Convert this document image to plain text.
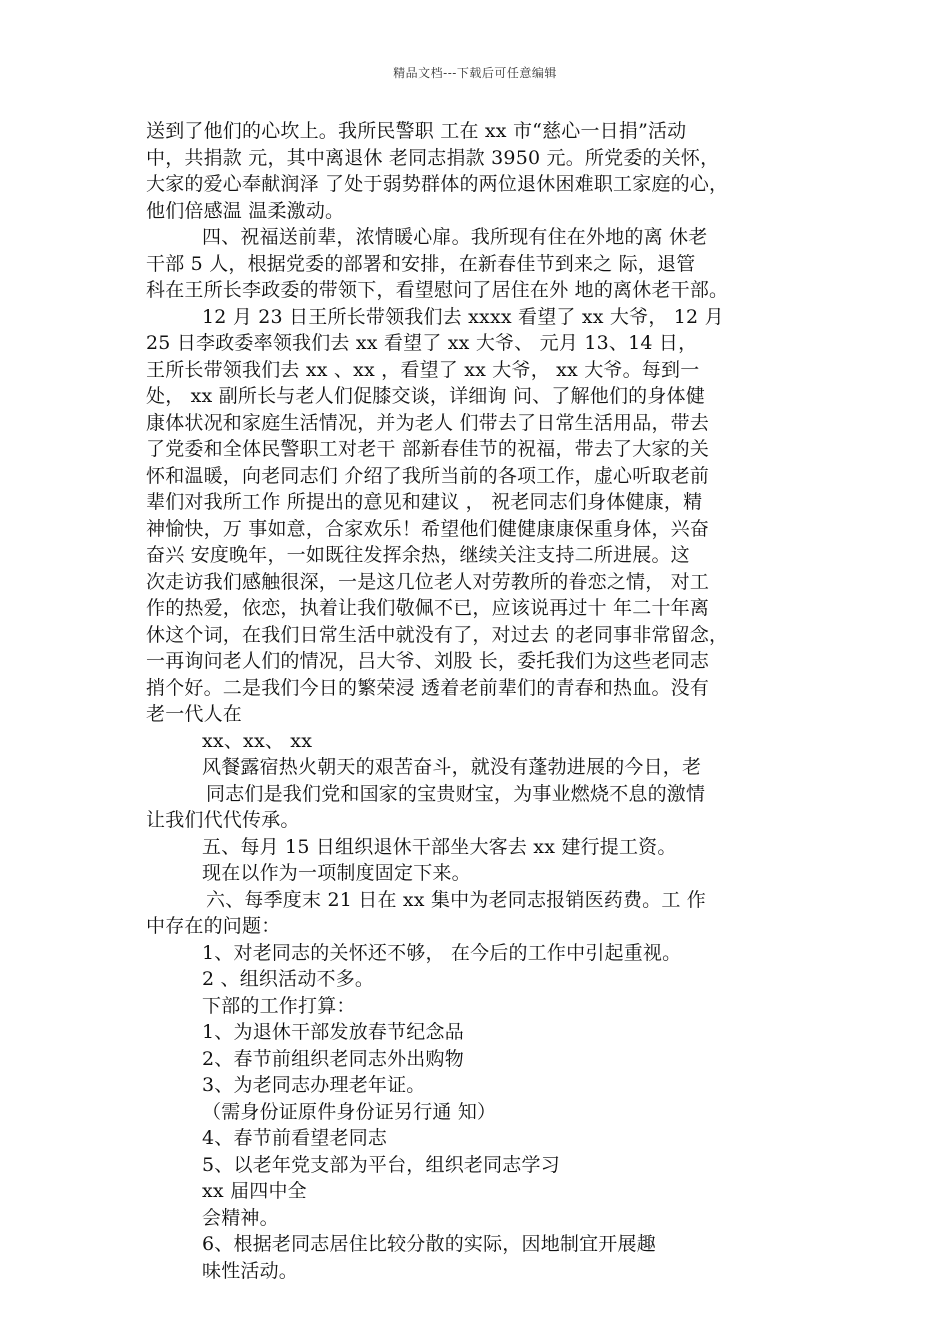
精品文档---下载后可任意编辑
送到了他们的心坎上。我所民警职 工在 xx 市“慈心一日捐”活动
中，共捐款 元，其中离退休 老同志捐款 3950 元。所党委的关怀，
大家的爱心奉献润泽 了处于弱势群体的两位退休困难职工家庭的心，
他们倍感温 温柔激动。
四、祝福送前辈，浓情暖心扉。我所现有住在外地的离 休老
干部 5 人，根据党委的部署和安排，在新春佳节到来之 际，退管
科在王所长李政委的带领下，看望慰问了居住在外 地的离休老干部。
12 月 23 日王所长带领我们去 xxxx 看望了 xx 大爷， 12 月
25 日李政委率领我们去 xx 看望了 xx 大爷、 元月 13、14 日，
王所长带领我们去 xx 、xx ，看望了 xx 大爷， xx 大爷。每到一
处， xx 副所长与老人们促膝交谈，详细询 问、了解他们的身体健
康体状况和家庭生活情况，并为老人 们带去了日常生活用品，带去
了党委和全体民警职工对老干 部新春佳节的祝福，带去了大家的关
怀和温暖，向老同志们 介绍了我所当前的各项工作，虚心听取老前
辈们对我所工作 所提出的意见和建议 ， 祝老同志们身体健康，精
神愉快，万 事如意，合家欢乐！希望他们健健康康保重身体，兴奋
奋兴 安度晚年，一如既往发挥余热，继续关注支持二所进展。这
次走访我们感触很深，一是这几位老人对劳教所的眷恋之情， 对工
作的热爱，依恋，执着让我们敬佩不已，应该说再过十 年二十年离
休这个词，在我们日常生活中就没有了，对过去 的老同事非常留念，
一再询问老人们的情况，吕大爷、刘股 长，委托我们为这些老同志
捎个好。二是我们今日的繁荣浸 透着老前辈们的青春和热血。没有
老一代人在
xx、xx、 xx
风餐露宿热火朝天的艰苦奋斗，就没有蓬勃进展的今日，老
同志们是我们党和国家的宝贵财宝，为事业燃烧不息的激情
让我们代代传承。
五、每月 15 日组织退休干部坐大客去 xx 建行提工资。
现在以作为一项制度固定下来。
六、每季度末 21 日在 xx 集中为老同志报销医药费。工 作
中存在的问题：
1、对老同志的关怀还不够， 在今后的工作中引起重视。
2 、组织活动不多。
下部的工作打算：
1、为退休干部发放春节纪念品
2、春节前组织老同志外出购物
3、为老同志办理老年证。
（需身份证原件身份证另行通 知）
4、春节前看望老同志
5、以老年党支部为平台，组织老同志学习
xx 届四中全
会精神。
6、根据老同志居住比较分散的实际，因地制宜开展趣
味性活动。
